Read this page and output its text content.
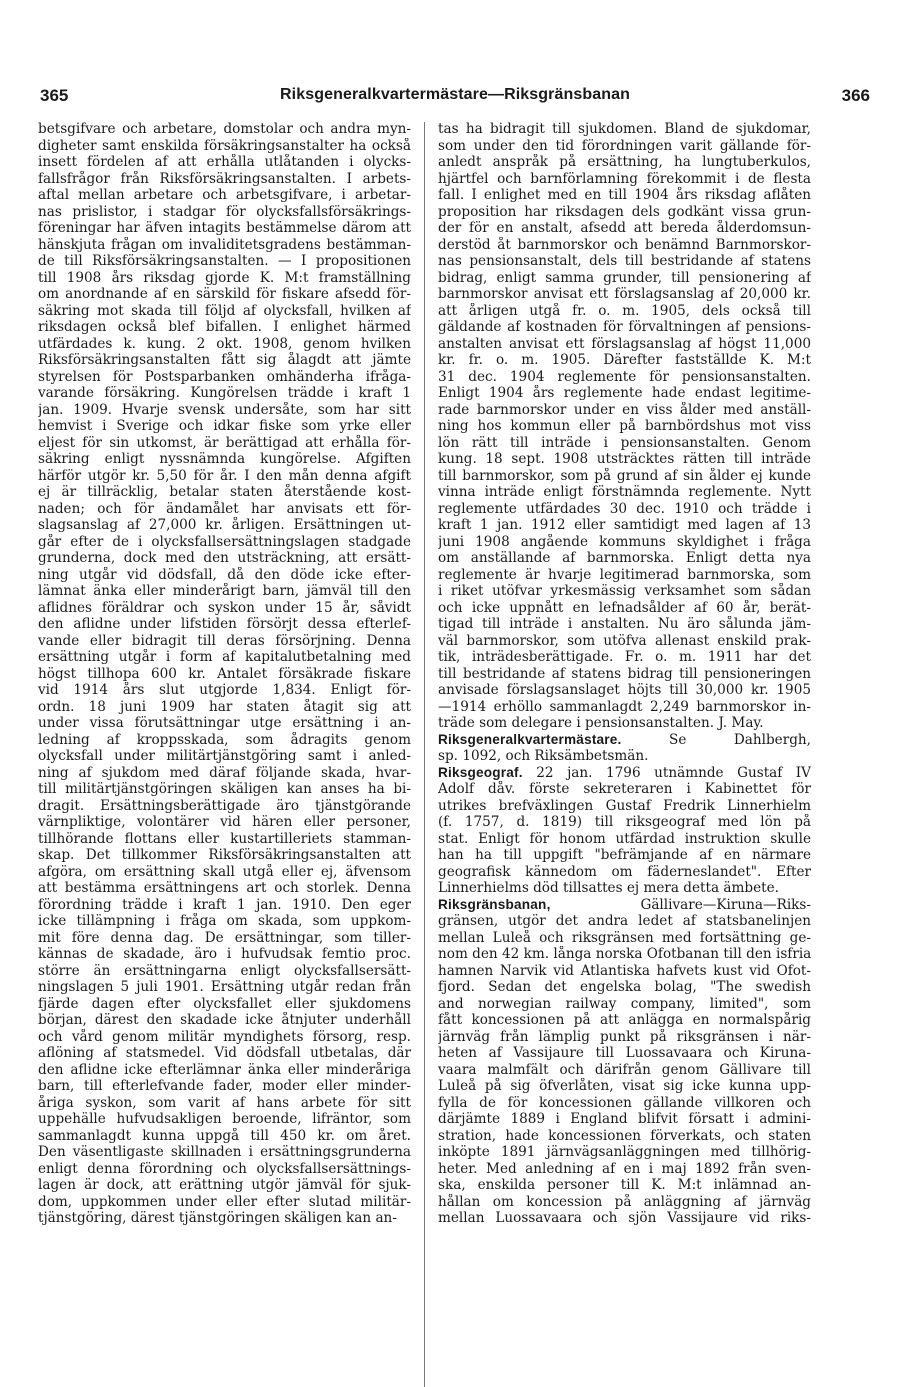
365	Riksgeneralkvartermästare—Riksgränsbanan	366
betsgifvare och arbetare, domstolar och andra myn-
digheter samt enskilda försäkringsanstalter ha också
insett fördelen af att erhålla utlåtanden i olycks-
fallsfrågor från Riksförsäkringsanstalten. I arbets-
aftal mellan arbetare och arbetsgifvare, i arbetar-
nas prislistor, i stadgar för olycksfallsförsäkrings-
föreningar har äfven intagits bestämmelse därom att
hänskjuta frågan om invaliditetsgradens bestämman-
de till Riksförsäkringsanstalten. — I propositionen
till 1908 års riksdag gjorde K. M:t framställning
om anordnande af en särskild för fiskare afsedd för-
säkring mot skada till följd af olycksfall, hvilken af
riksdagen också blef bifallen. I enlighet härmed
utfärdades k. kung. 2 okt. 1908, genom hvilken
Riksförsäkringsanstalten fått sig ålagdt att jämte
styrelsen för Postsparbanken omhänderha ifråga-
varande försäkring. Kungörelsen trädde i kraft 1
jan. 1909. Hvarje svensk undersåte, som har sitt
hemvist i Sverige och idkar fiske som yrke eller
eljest för sin utkomst, är berättigad att erhålla för-
säkring enligt nyssnämnda kungörelse. Afgiften
härför utgör kr. 5,50 för år. I den mån denna afgift
ej är tillräcklig, betalar staten återstående kost-
naden; och för ändamålet har anvisats ett för-
slagsanslag af 27,000 kr. årligen. Ersättningen ut-
går efter de i olycksfallsersättningslagen stadgade
grunderna, dock med den utsträckning, att ersätt-
ning utgår vid dödsfall, då den döde icke efter-
lämnat änka eller minderårigt barn, jämväl till den
aflidnes föräldrar och syskon under 15 år, såvidt
den aflidne under lifstiden försörjt dessa efterlef-
vande eller bidragit till deras försörjning. Denna
ersättning utgår i form af kapitalutbetalning med
högst tillhopa 600 kr. Antalet försäkrade fiskare
vid 1914 års slut utgjorde 1,834. Enligt för-
ordn. 18 juni 1909 har staten åtagit sig att
under vissa förutsättningar utge ersättning i an-
ledning af kroppsskada, som ådragits genom
olycksfall under militärtjänstgöring samt i anled-
ning af sjukdom med däraf följande skada, hvar-
till militärtjänstgöringen skäligen kan anses ha bi-
dragit. Ersättningsberättigade äro tjänstgörande
värnpliktige, volontärer vid hären eller personer,
tillhörande flottans eller kustartilleriets stamman-
skap. Det tillkommer Riksförsäkringsanstalten att
afgöra, om ersättning skall utgå eller ej, äfvensom
att bestämma ersättningens art och storlek. Denna
förordning trädde i kraft 1 jan. 1910. Den eger
icke tillämpning i fråga om skada, som uppkom-
mit före denna dag. De ersättningar, som tiller-
kännas de skadade, äro i hufvudsak femtio proc.
större än ersättningarna enligt olycksfallsersätt-
ningslagen 5 juli 1901. Ersättning utgår redan från
fjärde dagen efter olycksfallet eller sjukdomens
början, därest den skadade icke åtnjuter underhåll
och vård genom militär myndighets försorg, resp.
aflöning af statsmedel. Vid dödsfall utbetalas, där
den aflidne icke efterlämnar änka eller minderåriga
barn, till efterlefvande fader, moder eller minder-
åriga syskon, som varit af hans arbete för sitt
uppehälle hufvudsakligen beroende, lifräntor, som
sammanlagdt kunna uppgå till 450 kr. om året.
Den väsentligaste skillnaden i ersättningsgrunderna
enligt denna förordning och olycksfallsersättnings-
lagen är dock, att erättning utgör jämväl för sjuk-
dom, uppkommen under eller efter slutad militär-
tjänstgöring, därest tjänstgöringen skäligen kan an-
tas ha bidragit till sjukdomen. Bland de sjukdomar,
som under den tid förordningen varit gällande för-
anledt anspråk på ersättning, ha lungtuberkulos,
hjärtfel och barnförlamning förekommit i de flesta
fall. I enlighet med en till 1904 års riksdag aflåten
proposition har riksdagen dels godkänt vissa grun-
der för en anstalt, afsedd att bereda ålderdomsun-
derstöd åt barnmorskor och benämnd Barnmorskor-
nas pensionsanstalt, dels till bestridande af statens
bidrag, enligt samma grunder, till pensionering af
barnmorskor anvisat ett förslagsanslag af 20,000 kr.
att årligen utgå fr. o. m. 1905, dels också till
gäldande af kostnaden för förvaltningen af pensions-
anstalten anvisat ett förslagsanslag af högst 11,000
kr. fr. o. m. 1905. Därefter fastställde K. M:t
31 dec. 1904 reglemente för pensionsanstalten.
Enligt 1904 års reglemente hade endast legitime-
rade barnmorskor under en viss ålder med anställ-
ning hos kommun eller på barnbördshus mot viss
lön rätt till inträde i pensionsanstalten. Genom
kung. 18 sept. 1908 utsträcktes rätten till inträde
till barnmorskor, som på grund af sin ålder ej kunde
vinna inträde enligt förstnämnda reglemente. Nytt
reglemente utfärdades 30 dec. 1910 och trädde i
kraft 1 jan. 1912 eller samtidigt med lagen af 13
juni 1908 angående kommuns skyldighet i fråga
om anställande af barnmorska. Enligt detta nya
reglemente är hvarje legitimerad barnmorska, som
i riket utöfvar yrkesmässig verksamhet som sådan
och icke uppnått en lefnadsålder af 60 år, berät-
tigad till inträde i anstalten. Nu äro sålunda jäm-
väl barnmorskor, som utöfva allenast enskild prak-
tik, inträdesberättigade. Fr. o. m. 1911 har det
till bestridande af statens bidrag till pensioneringen
anvisade förslagsanslaget höjts till 30,000 kr. 1905
—1914 erhöllo sammanlagdt 2,249 barnmorskor in-
träde som delegare i pensionsanstalten. J. May.
Riksgeneralkvartermästare. Se Dahlbergh,
sp. 1092, och Riksämbetsmän.
Riksgeograf. 22 jan. 1796 utnämnde Gustaf IV
Adolf dåv. förste sekreteraren i Kabinettet för
utrikes brefväxlingen Gustaf Fredrik Linnerhielm
(f. 1757, d. 1819) till riksgeograf med lön på
stat. Enligt för honom utfärdad instruktion skulle
han ha till uppgift "befrämjande af en närmare
geografisk kännedom om fäderneslandet". Efter
Linnerhielms död tillsattes ej mera detta ämbete.
Riksgränsbanan, Gällivare—Kiruna—Riks-
gränsen, utgör det andra ledet af statsbanelinjen
mellan Luleå och riksgränsen med fortsättning ge-
nom den 42 km. långa norska Ofotbanan till den isfria
hamnen Narvik vid Atlantiska hafvets kust vid Ofot-
fjord. Sedan det engelska bolag, "The swedish
and norwegian railway company, limited", som
fått koncessionen på att anlägga en normalspårig
järnväg från lämplig punkt på riksgränsen i när-
heten af Vassijaure till Luossavaara och Kiruna-
vaara malmfält och därifrån genom Gällivare till
Luleå på sig öfverlåten, visat sig icke kunna upp-
fylla de för koncessionen gällande villkoren och
därjämte 1889 i England blifvit försatt i admini-
stration, hade koncessionen förverkats, och staten
inköpte 1891 järnvägsanläggningen med tillhörig-
heter. Med anledning af en i maj 1892 från sven-
ska, enskilda personer till K. M:t inlämnad an-
hållan om koncession på anläggning af järnväg
mellan Luossavaara och sjön Vassijaure vid riks-
